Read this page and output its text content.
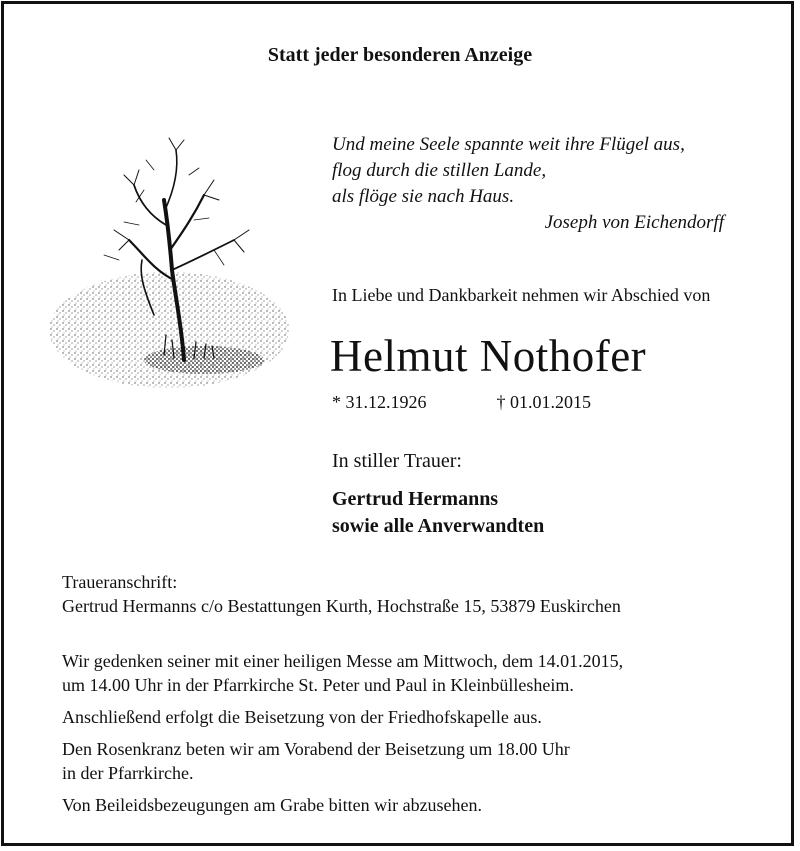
Statt jeder besonderen Anzeige
Und meine Seele spannte weit ihre Flügel aus,
flog durch die stillen Lande,
als flöge sie nach Haus.
Joseph von Eichendorff
In Liebe und Dankbarkeit nehmen wir Abschied von
Helmut Nothofer
* 31.12.1926	† 01.01.2015
In stiller Trauer:
Gertrud Hermanns
sowie alle Anverwandten
Traueranschrift:
Gertrud Hermanns c/o Bestattungen Kurth, Hochstraße 15, 53879 Euskirchen

Wir gedenken seiner mit einer heiligen Messe am Mittwoch, dem 14.01.2015,
um 14.00 Uhr in der Pfarrkirche St. Peter und Paul in Kleinbüllesheim.

Anschließend erfolgt die Beisetzung von der Friedhofskapelle aus.

Den Rosenkranz beten wir am Vorabend der Beisetzung um 18.00 Uhr
in der Pfarrkirche.

Von Beileidsbezeugungen am Grabe bitten wir abzusehen.
